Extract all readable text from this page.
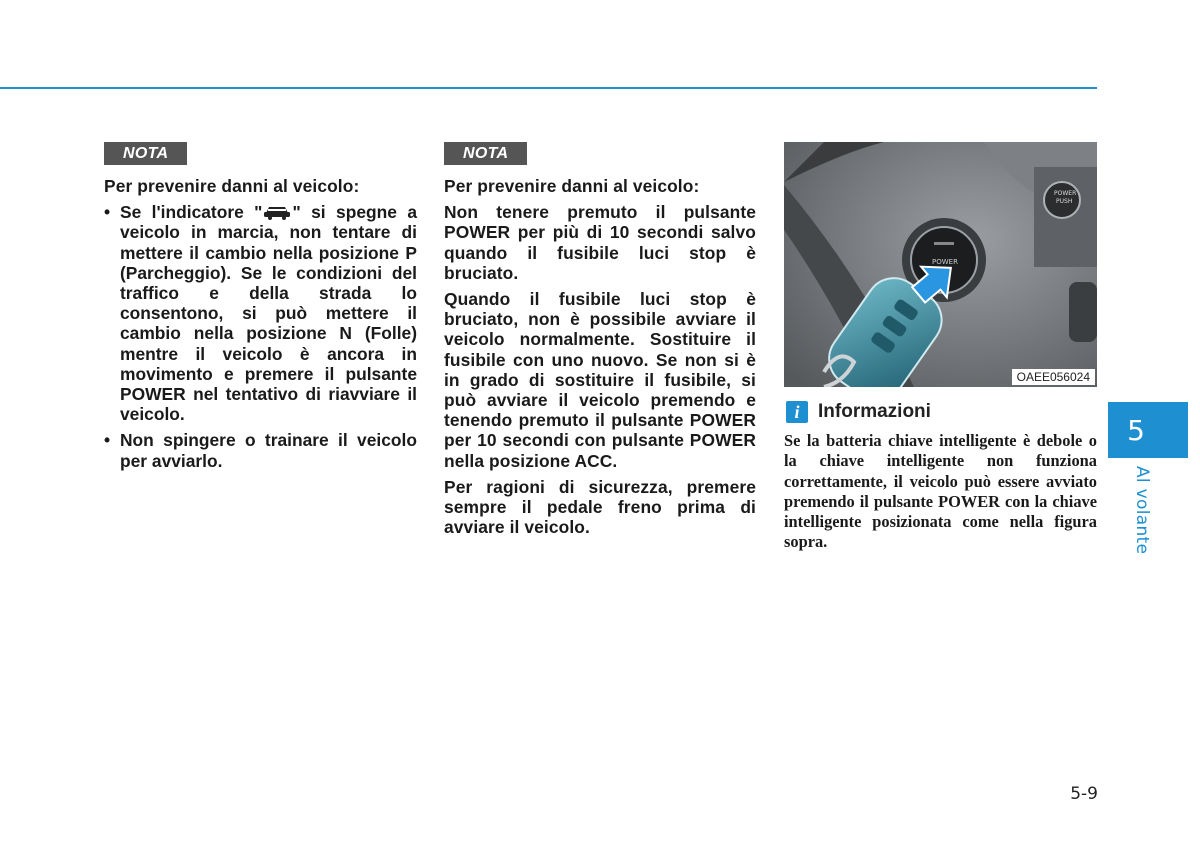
NOTA
Per prevenire danni al veicolo:
• Se l'indicatore " " si spegne a veicolo in marcia, non tentare di mettere il cambio nella posizione P (Parcheggio). Se le condizioni del traffico e della strada lo consentono, si può mettere il cambio nella posizione N (Folle) mentre il veicolo è ancora in movimento e premere il pulsante POWER nel tentativo di riavviare il veicolo.
• Non spingere o trainare il veicolo per avviarlo.
NOTA
Per prevenire danni al veicolo:

Non tenere premuto il pulsante POWER per più di 10 secondi salvo quando il fusibile luci stop è bruciato.

Quando il fusibile luci stop è bruciato, non è possibile avviare il veicolo normalmente. Sostituire il fusibile con uno nuovo. Se non si è in grado di sostituire il fusibile, si può avviare il veicolo premendo e tenendo premuto il pulsante POWER per 10 secondi con pulsante POWER nella posizione ACC.

Per ragioni di sicurezza, premere sempre il pedale freno prima di avviare il veicolo.

POWER
PUSH
POWER
OAEE056024
i Informazioni
Se la batteria chiave intelligente è debole o la chiave intelligente non funziona correttamente, il veicolo può essere avviato premendo il pulsante POWER con la chiave intelligente posizionata come nella figura sopra.
5
Al volante
5-9
